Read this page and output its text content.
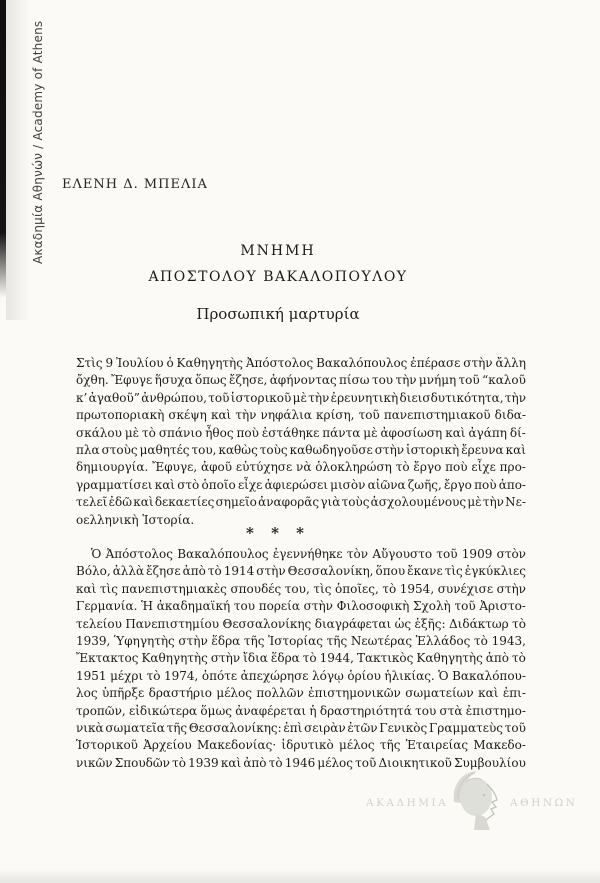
Ακαδημία Αθηνών / Academy of Athens ΕΛΕΝΗ Δ. ΜΠΕΛΙΑ
ΜΝΗΜΗ
ΑΠΟΣΤΟΛΟΥ ΒΑΚΑΛΟΠΟΥΛΟΥ
Προσωπική μαρτυρία
Στὶς 9 Ἰουλίου ὁ Καθηγητὴς Ἀπόστολος Βακαλόπουλος ἐπέρασε στὴν ἄλλη
ὄχθη. Ἔφυγε ἥσυχα ὅπως ἔζησε, ἀφήνοντας πίσω του τὴν μνήμη τοῦ “καλοῦ
κ’ ἀγαθοῦ” ἀνθρώπου, τοῦ ἱστορικοῦ μὲ τὴν ἐρευνητικὴ διεισδυτικότητα, τὴν
πρωτοποριακὴ σκέψη καὶ τὴν νηφάλια κρίση, τοῦ πανεπιστημιακοῦ διδα-
σκάλου μὲ τὸ σπάνιο ἦθος ποὺ ἐστάθηκε πάντα μὲ ἀφοσίωση καὶ ἀγάπη δί-
πλα στοὺς μαθητές του, καθὼς τοὺς καθωδηγοῦσε στὴν ἱστορικὴ ἔρευνα καὶ
δημιουργία. Ἔφυγε, ἀφοῦ εὐτύχησε νὰ ὁλοκληρώση τὸ ἔργο ποὺ εἶχε προ-
γραμματίσει καὶ στὸ ὁποῖο εἶχε ἀφιερώσει μισὸν αἰῶνα ζωῆς, ἔργο ποὺ ἀπο-
τελεῖ ἐδῶ καὶ δεκαετίες σημεῖο ἀναφορᾶς γιὰ τοὺς ἀσχολουμένους μὲ τὴν Νε-
οελληνικὴ Ἱστορία.
* * *
Ὁ Ἀπόστολος Βακαλόπουλος ἐγεννήθηκε τὸν Αὔγουστο τοῦ 1909 στὸν
Βόλο, ἀλλὰ ἔζησε ἀπὸ τὸ 1914 στὴν Θεσσαλονίκη, ὅπου ἔκανε τὶς ἐγκύκλιες
καὶ τὶς πανεπιστημιακὲς σπουδές του, τὶς ὁποῖες, τὸ 1954, συνέχισε στὴν
Γερμανία. Ἡ ἀκαδημαϊκή του πορεία στὴν Φιλοσοφικὴ Σχολὴ τοῦ Ἀριστο-
τελείου Πανεπιστημίου Θεσσαλονίκης διαγράφεται ὡς ἑξῆς: Διδάκτωρ τὸ
1939, Ὑφηγητὴς στὴν ἕδρα τῆς Ἱστορίας τῆς Νεωτέρας Ἑλλάδος τὸ 1943,
Ἔκτακτος Καθηγητὴς στὴν ἴδια ἕδρα τὸ 1944, Τακτικὸς Καθηγητὴς ἀπὸ τὸ
1951 μέχρι τὸ 1974, ὁπότε ἀπεχώρησε λόγῳ ὁρίου ἡλικίας. Ὁ Βακαλόπου-
λος ὑπῆρξε δραστήριο μέλος πολλῶν ἐπιστημονικῶν σωματείων καὶ ἐπι-
τροπῶν, εἰδικώτερα ὅμως ἀναφέρεται ἡ δραστηριότητά του στὰ ἐπιστημο-
νικὰ σωματεῖα τῆς Θεσσαλονίκης: ἐπὶ σειρὰν ἐτῶν Γενικὸς Γραμματεὺς τοῦ
Ἱστορικοῦ Ἀρχείου Μακεδονίας· ἱδρυτικὸ μέλος τῆς Ἑταιρείας Μακεδο-
νικῶν Σπουδῶν τὸ 1939 καὶ ἀπὸ τὸ 1946 μέλος τοῦ Διοικητικοῦ Συμβουλίου
ΑΚΑΔΗΜΙΑ	ΑΘΗΝΩΝ
